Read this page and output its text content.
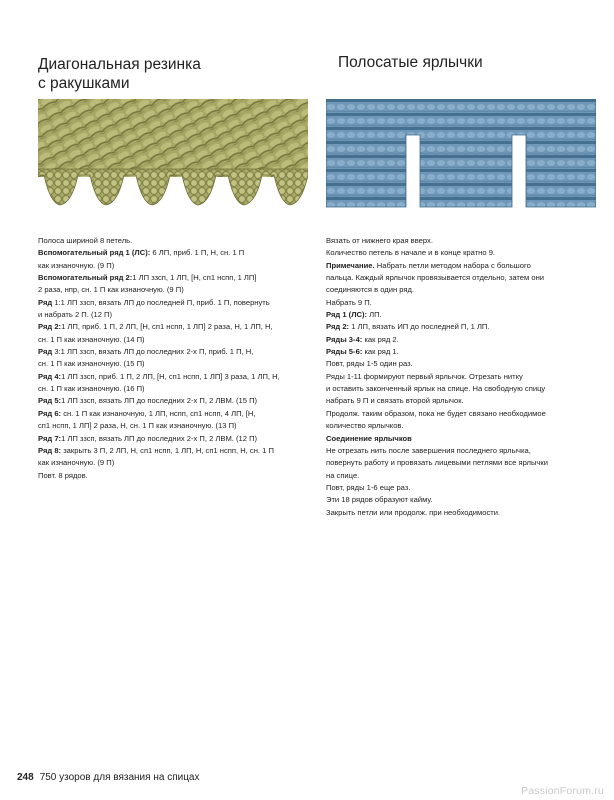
Диагональная резинка
с ракушками
Полосатые ярлычки
Полоса шириной 8 петель.
Вспомогательный ряд 1 (ЛС): 6 ЛП, приб. 1 П, Н, сн. 1 П
как изнаночную. (9 П)
Вспомогательный ряд 2:1 ЛП ззсп, 1 ЛП, [Н, сп1 нспп, 1 ЛП]
2 раза, нпр, сн. 1 П как изнаночную. (9 П)
Ряд 1:1 ЛП ззсп, вязать ЛП до последней П, приб. 1 П, повернуть
и набрать 2 П. (12 П)
Ряд 2:1 ЛП, приб. 1 П, 2 ЛП, [Н, сп1 нспп, 1 ЛП] 2 раза, Н, 1 ЛП, Н,
сн. 1 П как изнаночную. (14 П)
Ряд 3:1 ЛП ззсп, вязать ЛП до последних 2-х П, приб. 1 П, Н,
сн. 1 П как изнаночную. (15 П)
Ряд 4:1 ЛП ззсп, приб. 1 П, 2 ЛП, [Н, сп1 нспп, 1 ЛП] 3 раза, 1 ЛП, Н,
сн. 1 П как изнаночную. (16 П)
Ряд 5:1 ЛП ззсп, вязать ЛП до последних 2-х П, 2 ЛВМ. (15 П)
Ряд 6: сн. 1 П как изнаночную, 1 ЛП, нспп, сп1 нспп, 4 ЛП, [Н,
сп1 нспп, 1 ЛП] 2 раза, Н, сн. 1 П как изнаночную. (13 П)
Ряд 7:1 ЛП ззсп, вязать ЛП до последних 2-х П, 2 ЛВМ. (12 П)
Ряд 8: закрыть 3 П, 2 ЛП, Н, сп1 нспп, 1 ЛП, Н, сп1 нспп, Н, сн. 1 П
как изнаночную. (9 П)
Повт. 8 рядов.
Вязать от нижнего края вверх.
Количество петель в начале и в конце кратно 9.
Примечание. Набрать петли методом набора с большого
пальца. Каждый ярлычок провязывается отдельно, затем они
соединяются в один ряд.
Набрать 9 П.
Ряд 1 (ЛС): ЛП.
Ряд 2: 1 ЛП, вязать ИП до последней П, 1 ЛП.
Ряды 3-4: как ряд 2.
Ряды 5-6: как ряд 1.
Повт, ряды 1-5 один раз.
Ряды 1-11 формируют первый ярлычок. Отрезать нитку
и оставить законченный ярлык на спице. На свободную спицу
набрать 9 П и связать второй ярлычок.
Продолж. таким образом, пока не будет связано необходимое
количество ярлычков.
Соединение ярлычков
Не отрезать нить после завершения последнего ярлычка,
повернуть работу и провязать лицевыми петлями все ярлычки
на спице.
Повт, ряды 1-6 еще раз.
Эти 18 рядов образуют кайму.
Закрыть петли или продолж. при необходимости.
248 750 узоров для вязания на спицах
PassionForum.ru
